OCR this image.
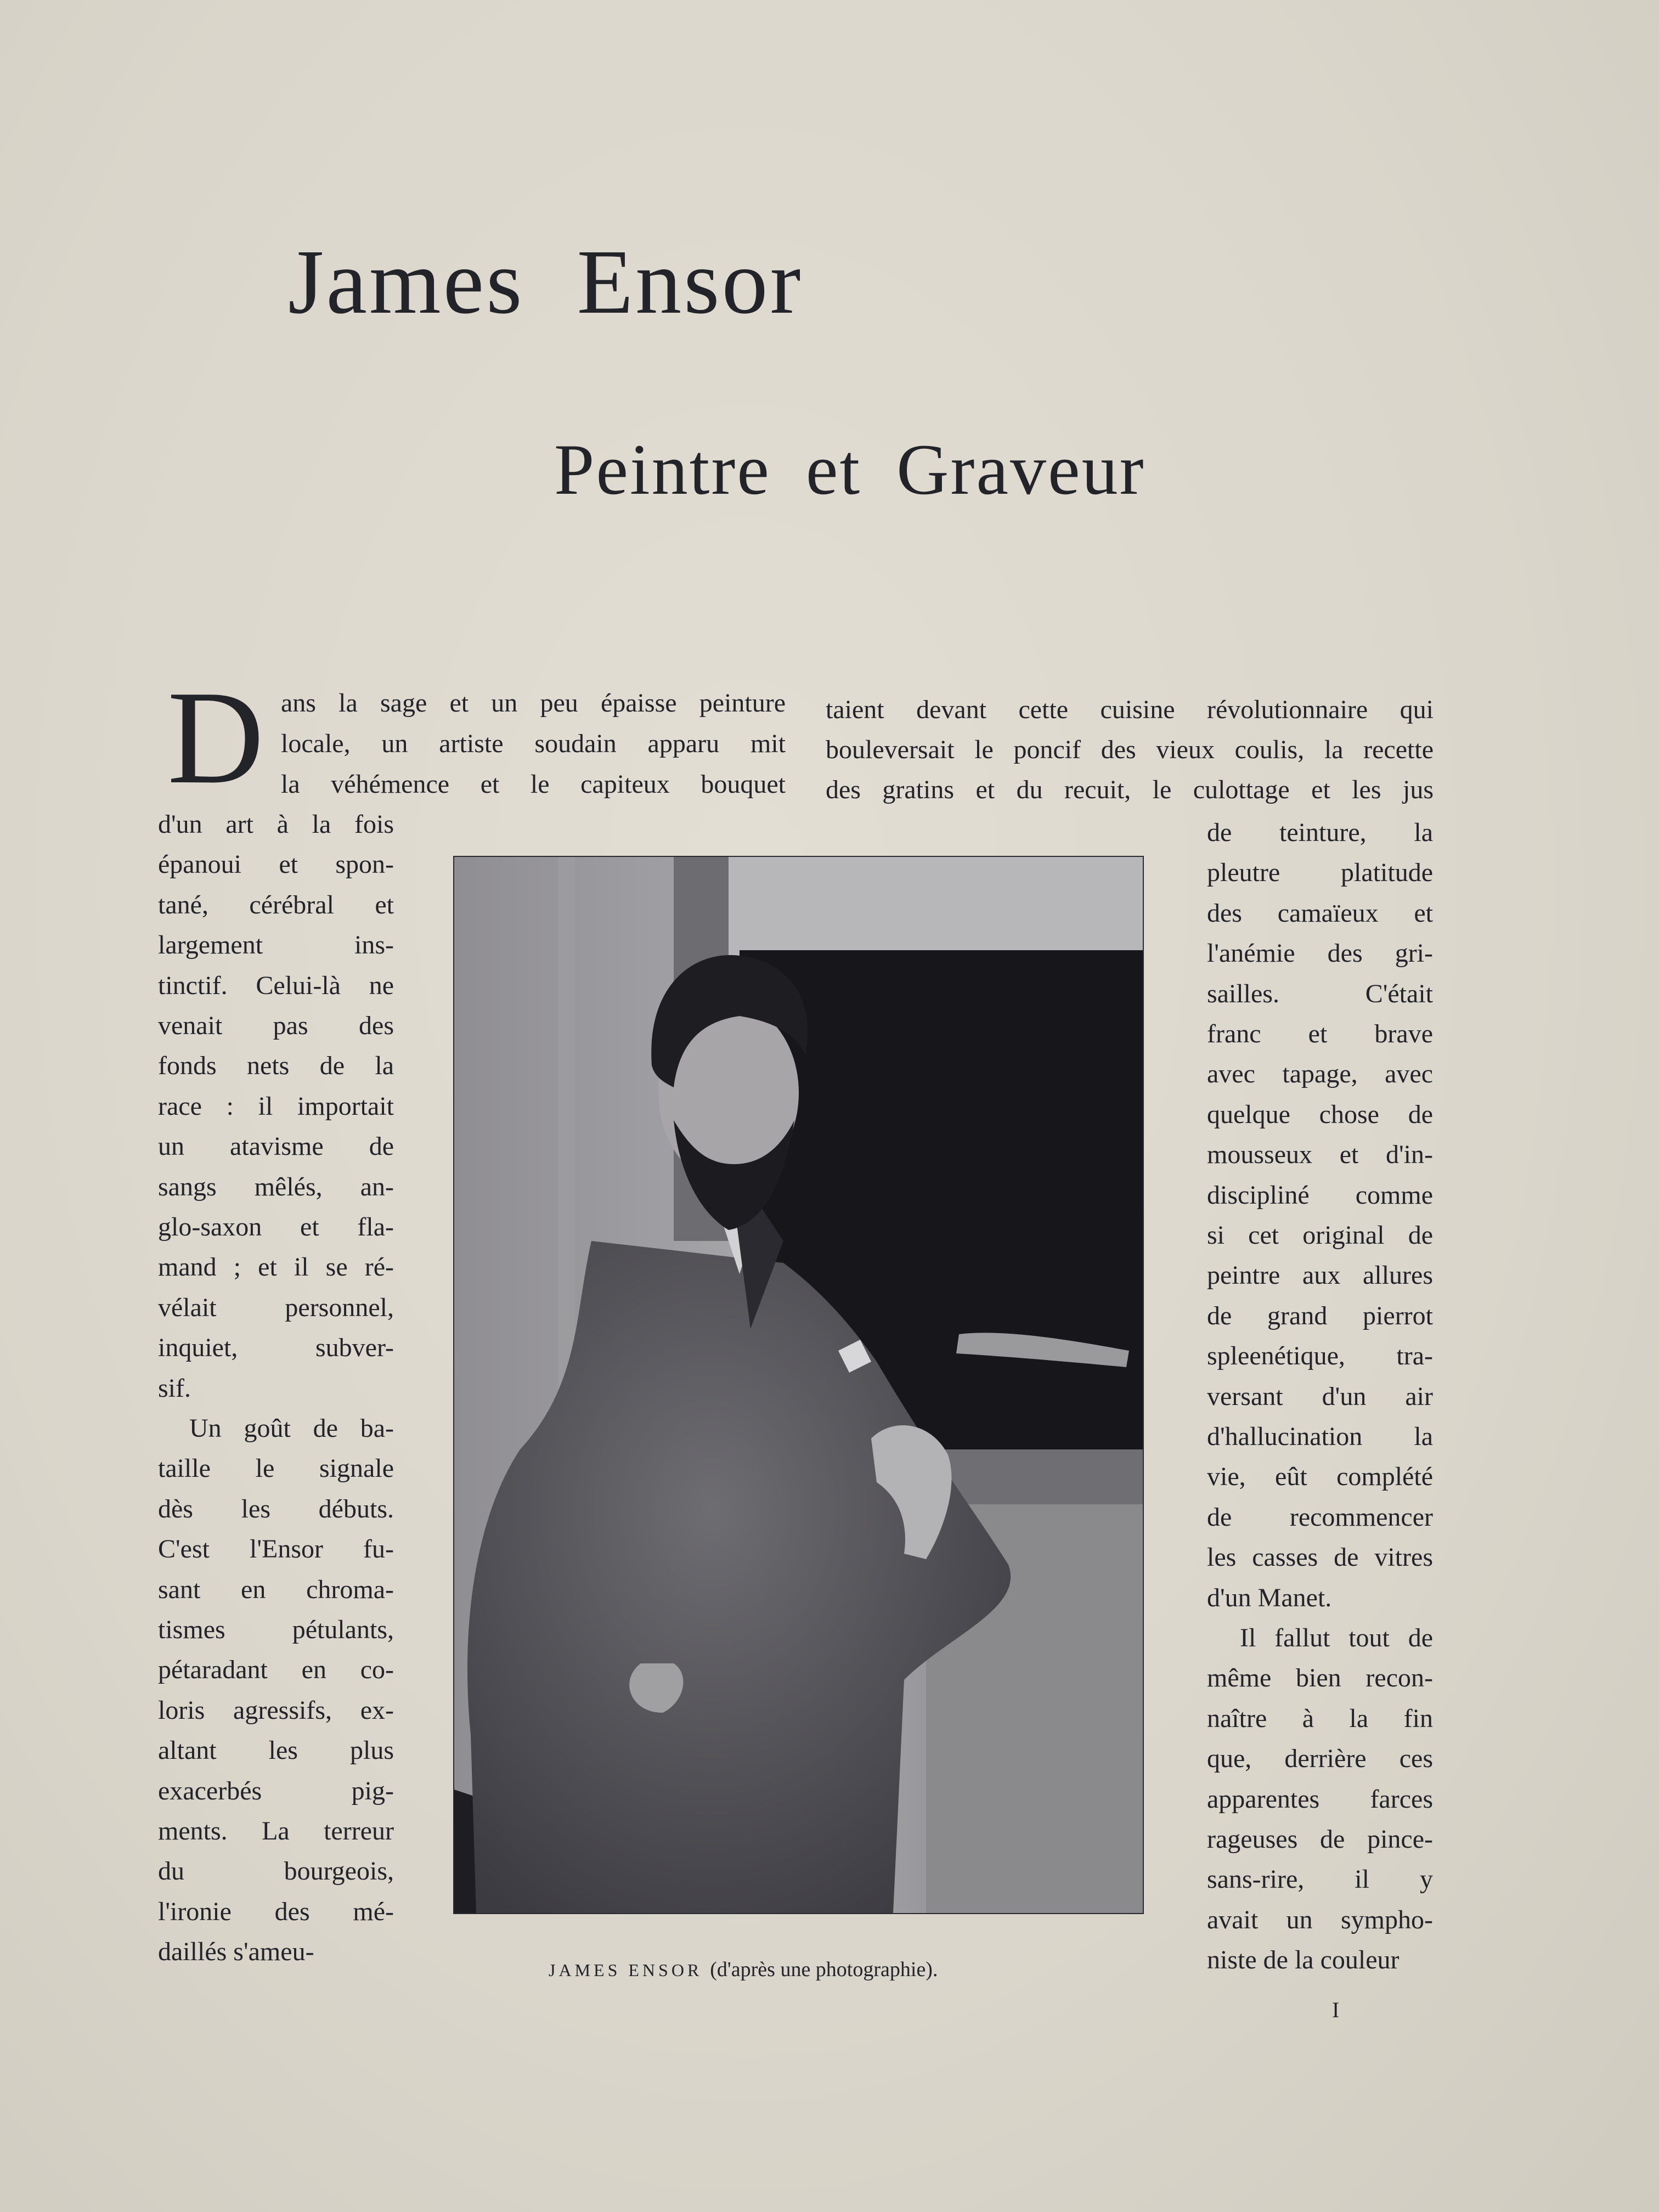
James Ensor
Peintre et Graveur
D ans la sage et un peu épaisse peinture
locale, un artiste soudain apparu mit
la véhémence et le capiteux bouquet
d'un art à la fois
épanoui et spon-
tané, cérébral et
largement ins-
tinctif. Celui-là ne
venait pas des
fonds nets de la
race : il importait
un atavisme de
sangs mêlés, an-
glo-saxon et fla-
mand ; et il se ré-
vélait personnel,
inquiet, subver-
sif.
Un goût de ba-
taille le signale
dès les débuts.
C'est l'Ensor fu-
sant en chroma-
tismes pétulants,
pétaradant en co-
loris agressifs, ex-
altant les plus
exacerbés pig-
ments. La terreur
du bourgeois,
l'ironie des mé-
daillés s'ameu-
taient devant cette cuisine révolutionnaire qui
bouleversait le poncif des vieux coulis, la recette
des gratins et du recuit, le culottage et les jus
de teinture, la
pleutre platitude
des camaïeux et
l'anémie des gri-
sailles. C'était
franc et brave
avec tapage, avec
quelque chose de
mousseux et d'in-
discipliné comme
si cet original de
peintre aux allures
de grand pierrot
spleenétique, tra-
versant d'un air
d'hallucination la
vie, eût complété
de recommencer
les casses de vitres
d'un Manet.
Il fallut tout de
même bien recon-
naître à la fin
que, derrière ces
apparentes farces
rageuses de pince-
sans-rire, il y
avait un sympho-
niste de la couleur
JAMES ENSOR (d'après une photographie).
I
